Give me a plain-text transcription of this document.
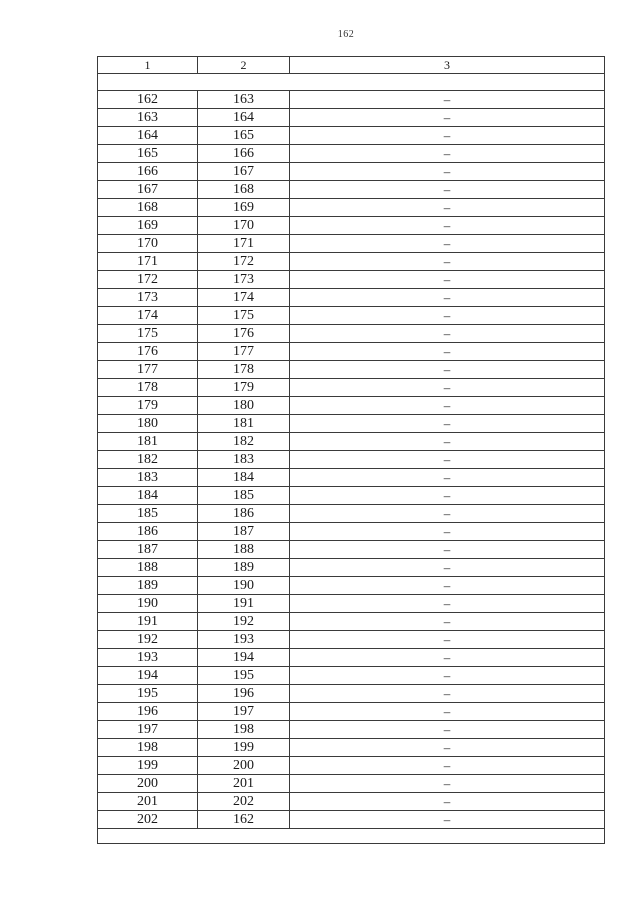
162
1	2	3

162	163	–
163	164	–
164	165	–
165	166	–
166	167	–
167	168	–
168	169	–
169	170	–
170	171	–
171	172	–
172	173	–
173	174	–
174	175	–
175	176	–
176	177	–
177	178	–
178	179	–
179	180	–
180	181	–
181	182	–
182	183	–
183	184	–
184	185	–
185	186	–
186	187	–
187	188	–
188	189	–
189	190	–
190	191	–
191	192	–
192	193	–
193	194	–
194	195	–
195	196	–
196	197	–
197	198	–
198	199	–
199	200	–
200	201	–
201	202	–
202	162	–
